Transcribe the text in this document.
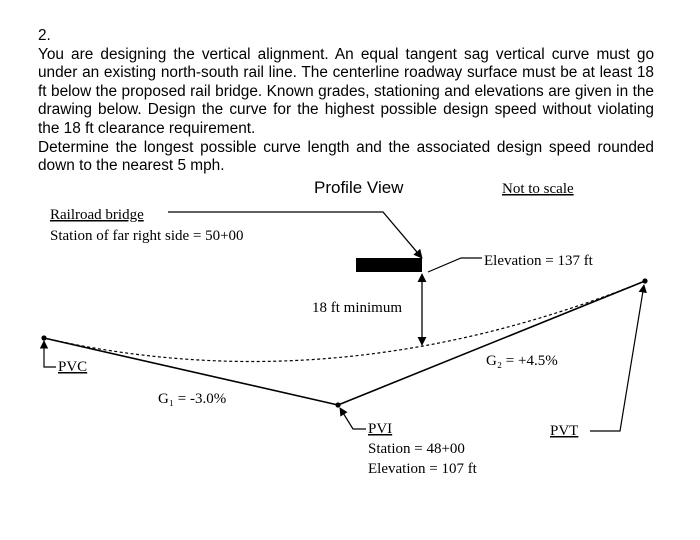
2.

You are designing the vertical alignment. An equal tangent sag vertical curve must go under an existing north-south rail line. The centerline roadway surface must be at least 18 ft below the proposed rail bridge. Known grades, stationing and elevations are given in the drawing below. Design the curve for the highest possible design speed without violating the 18 ft clearance requirement.

Determine the longest possible curve length and the associated design speed rounded down to the nearest 5 mph.

Profile View	Not to scale
Railroad bridge
Station of far right side = 50+00
Elevation = 137 ft
18 ft minimum
PVC
G₁ = -3.0%
G₂ = +4.5%
PVI
Station = 48+00
Elevation = 107 ft
PVT
